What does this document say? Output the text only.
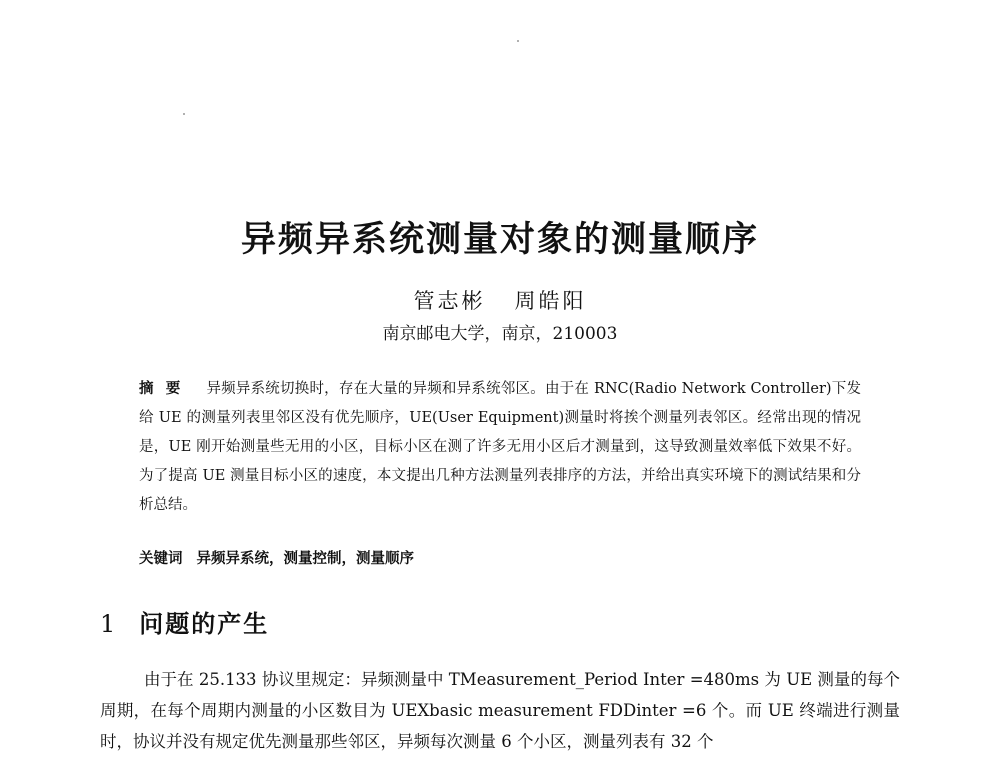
异频异系统测量对象的测量顺序
管志彬   周皓阳
南京邮电大学，南京，210003
摘要 异频异系统切换时，存在大量的异频和异系统邻区。由于在 RNC(Radio Network Controller)下发给 UE 的测量列表里邻区没有优先顺序，UE(User Equipment)测量时将挨个测量列表邻区。经常出现的情况是，UE 刚开始测量些无用的小区，目标小区在测了许多无用小区后才测量到，这导致测量效率低下效果不好。为了提高 UE 测量目标小区的速度，本文提出几种方法测量列表排序的方法，并给出真实环境下的测试结果和分析总结。
关键词 异频异系统，测量控制，测量顺序
1 问题的产生

由于在 25.133 协议里规定：异频测量中 TMeasurement_Period Inter =480ms 为 UE 测量的每个周期，在每个周期内测量的小区数目为 UEXbasic measurement FDDinter =6 个。而 UE 终端进行测量时，协议并没有规定优先测量那些邻区，异频每次测量 6 个小区，测量列表有 32 个
